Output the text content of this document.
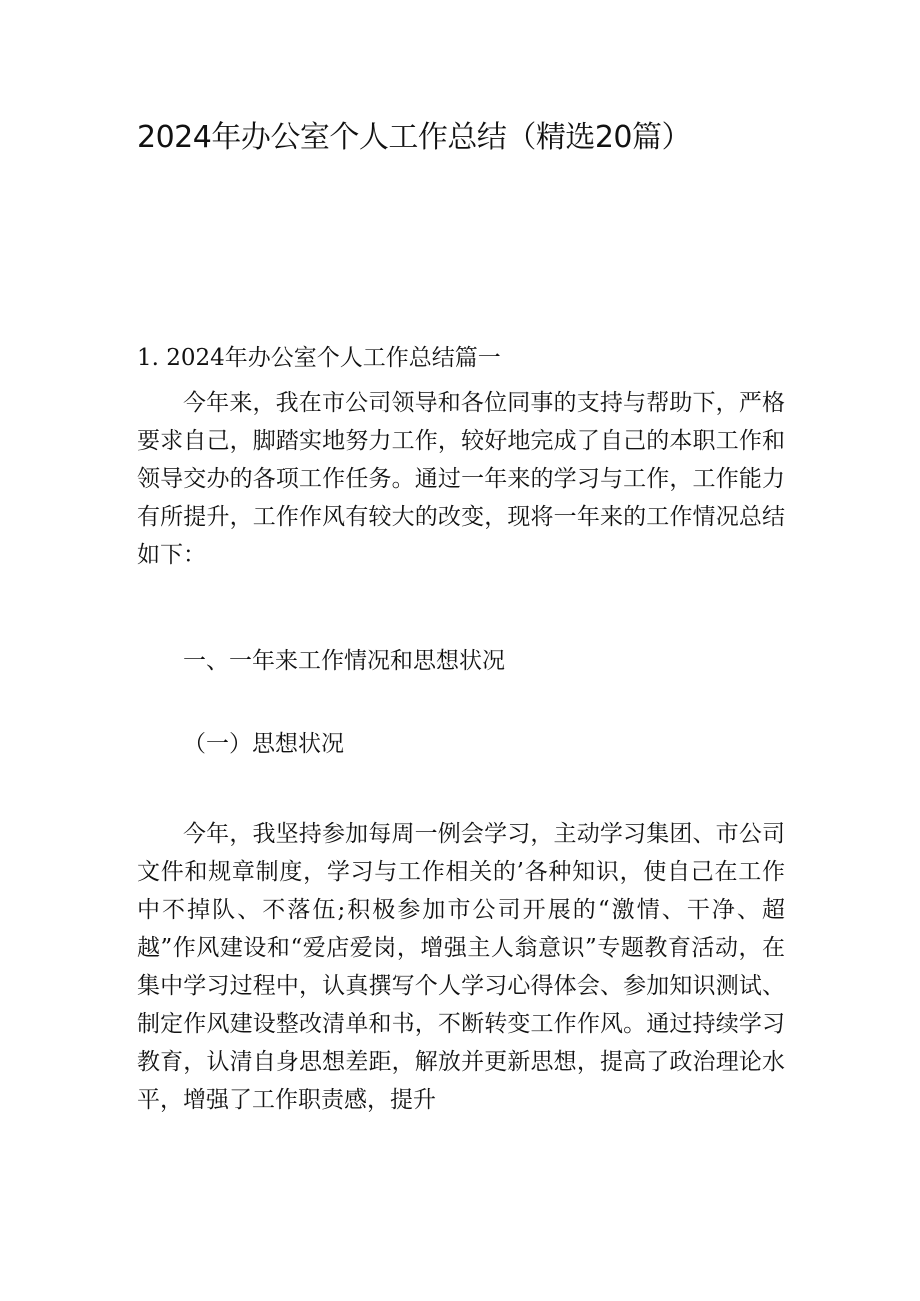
2024年办公室个人工作总结（精选20篇）

1. 2024年办公室个人工作总结篇一

今年来，我在市公司领导和各位同事的支持与帮助下，严格要求自己，脚踏实地努力工作，较好地完成了自己的本职工作和领导交办的各项工作任务。通过一年来的学习与工作，工作能力有所提升，工作作风有较大的改变，现将一年来的工作情况总结如下：

一、一年来工作情况和思想状况

（一）思想状况

今年，我坚持参加每周一例会学习，主动学习集团、市公司文件和规章制度，学习与工作相关的’各种知识，使自己在工作中不掉队、不落伍;积极参加市公司开展的“激情、干净、超越”作风建设和“爱店爱岗，增强主人翁意识”专题教育活动，在集中学习过程中，认真撰写个人学习心得体会、参加知识测试、制定作风建设整改清单和书，不断转变工作作风。通过持续学习教育，认清自身思想差距，解放并更新思想，提高了政治理论水平，增强了工作职责感，提升
